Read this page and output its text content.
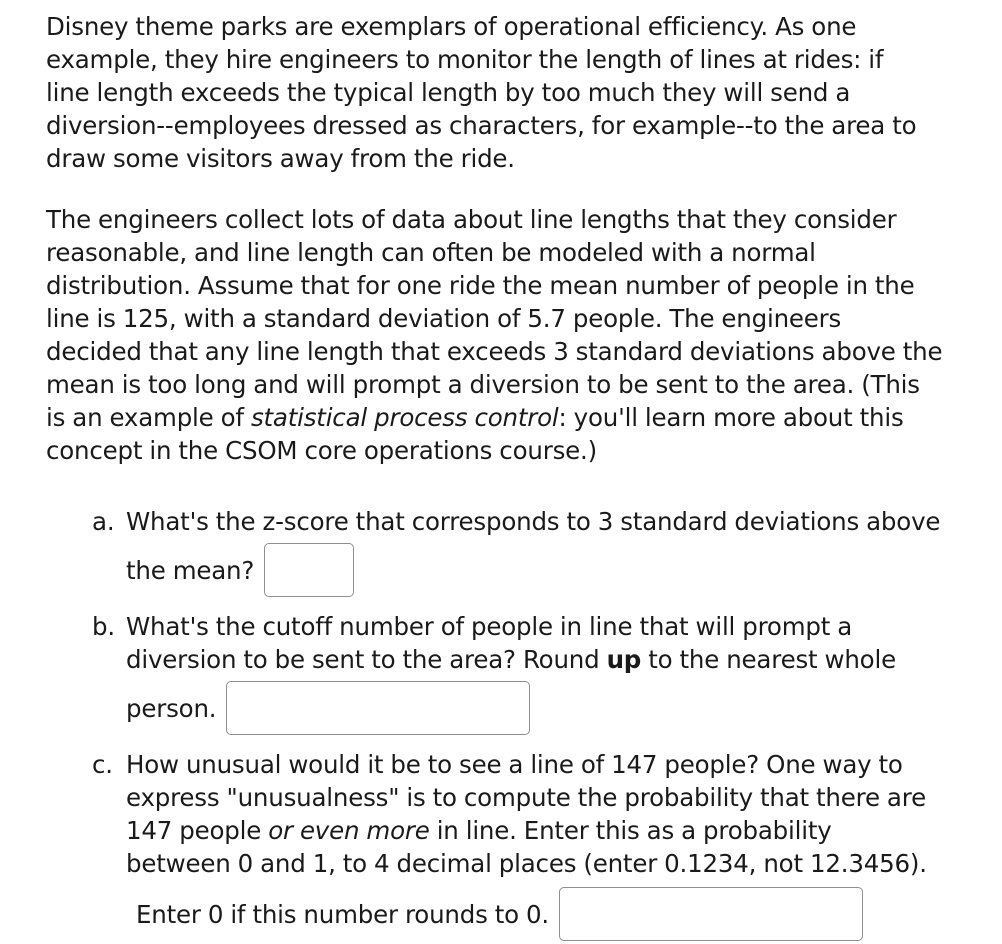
Disney theme parks are exemplars of operational efficiency. As one
example, they hire engineers to monitor the length of lines at rides: if
line length exceeds the typical length by too much they will send a
diversion--employees dressed as characters, for example--to the area to
draw some visitors away from the ride.
The engineers collect lots of data about line lengths that they consider
reasonable, and line length can often be modeled with a normal
distribution. Assume that for one ride the mean number of people in the
line is 125, with a standard deviation of 5.7 people. The engineers
decided that any line length that exceeds 3 standard deviations above the
mean is too long and will prompt a diversion to be sent to the area. (This
is an example of statistical process control: you'll learn more about this
concept in the CSOM core operations course.)
a. What's the z-score that corresponds to 3 standard deviations above
the mean?
b. What's the cutoff number of people in line that will prompt a
diversion to be sent to the area? Round up to the nearest whole
person.
c. How unusual would it be to see a line of 147 people? One way to
express "unusualness" is to compute the probability that there are
147 people or even more in line. Enter this as a probability
between 0 and 1, to 4 decimal places (enter 0.1234, not 12.3456).
Enter 0 if this number rounds to 0.
